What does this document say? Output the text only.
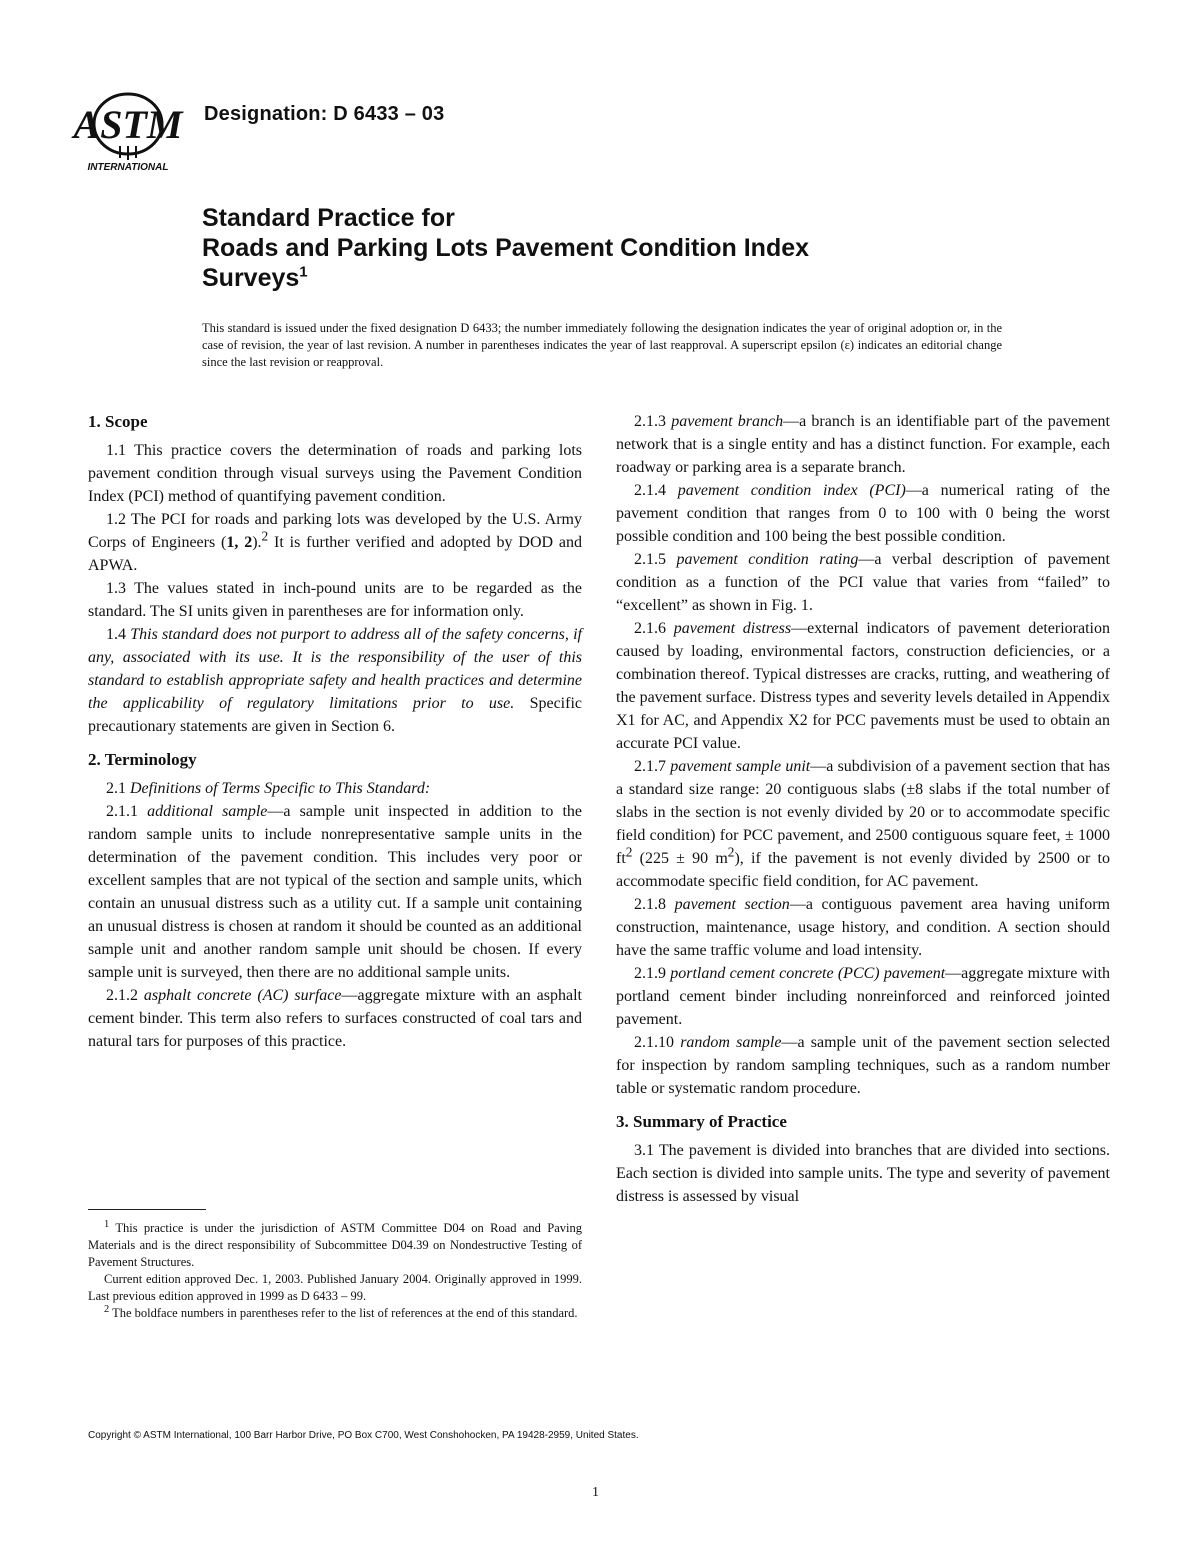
ASTM
INTERNATIONAL
Designation: D 6433 – 03
Standard Practice for
Roads and Parking Lots Pavement Condition Index
Surveys$^1$
This standard is issued under the fixed designation D 6433; the number immediately following the designation indicates the year of original adoption or, in the case of revision, the year of last revision. A number in parentheses indicates the year of last reapproval. A superscript epsilon (ε) indicates an editorial change since the last revision or reapproval.
1. Scope

1.1 This practice covers the determination of roads and parking lots pavement condition through visual surveys using the Pavement Condition Index (PCI) method of quantifying pavement condition.

1.2 The PCI for roads and parking lots was developed by the U.S. Army Corps of Engineers (1, 2).$^2$ It is further verified and adopted by DOD and APWA.

1.3 The values stated in inch-pound units are to be regarded as the standard. The SI units given in parentheses are for information only.

1.4 This standard does not purport to address all of the safety concerns, if any, associated with its use. It is the responsibility of the user of this standard to establish appropriate safety and health practices and determine the applicability of regulatory limitations prior to use. Specific precautionary statements are given in Section 6.

2. Terminology

2.1 Definitions of Terms Specific to This Standard:

2.1.1 additional sample—a sample unit inspected in addition to the random sample units to include nonrepresentative sample units in the determination of the pavement condition. This includes very poor or excellent samples that are not typical of the section and sample units, which contain an unusual distress such as a utility cut. If a sample unit containing an unusual distress is chosen at random it should be counted as an additional sample unit and another random sample unit should be chosen. If every sample unit is surveyed, then there are no additional sample units.

2.1.2 asphalt concrete (AC) surface—aggregate mixture with an asphalt cement binder. This term also refers to surfaces constructed of coal tars and natural tars for purposes of this practice.

$^1$ This practice is under the jurisdiction of ASTM Committee D04 on Road and Paving Materials and is the direct responsibility of Subcommittee D04.39 on Nondestructive Testing of Pavement Structures.

Current edition approved Dec. 1, 2003. Published January 2004. Originally approved in 1999. Last previous edition approved in 1999 as D 6433 – 99.

$^2$ The boldface numbers in parentheses refer to the list of references at the end of this standard.

2.1.3 pavement branch—a branch is an identifiable part of the pavement network that is a single entity and has a distinct function. For example, each roadway or parking area is a separate branch.

2.1.4 pavement condition index (PCI)—a numerical rating of the pavement condition that ranges from 0 to 100 with 0 being the worst possible condition and 100 being the best possible condition.

2.1.5 pavement condition rating—a verbal description of pavement condition as a function of the PCI value that varies from “failed” to “excellent” as shown in Fig. 1.

2.1.6 pavement distress—external indicators of pavement deterioration caused by loading, environmental factors, construction deficiencies, or a combination thereof. Typical distresses are cracks, rutting, and weathering of the pavement surface. Distress types and severity levels detailed in Appendix X1 for AC, and Appendix X2 for PCC pavements must be used to obtain an accurate PCI value.

2.1.7 pavement sample unit—a subdivision of a pavement section that has a standard size range: 20 contiguous slabs (±8 slabs if the total number of slabs in the section is not evenly divided by 20 or to accommodate specific field condition) for PCC pavement, and 2500 contiguous square feet, ± 1000 $ft^2$ (225 ± 90 $m^2$), if the pavement is not evenly divided by 2500 or to accommodate specific field condition, for AC pavement.

2.1.8 pavement section—a contiguous pavement area having uniform construction, maintenance, usage history, and condition. A section should have the same traffic volume and load intensity.

2.1.9 portland cement concrete (PCC) pavement—aggregate mixture with portland cement binder including nonreinforced and reinforced jointed pavement.

2.1.10 random sample—a sample unit of the pavement section selected for inspection by random sampling techniques, such as a random number table or systematic random procedure.

3. Summary of Practice

3.1 The pavement is divided into branches that are divided into sections. Each section is divided into sample units. The type and severity of pavement distress is assessed by visual

Copyright © ASTM International, 100 Barr Harbor Drive, PO Box C700, West Conshohocken, PA 19428-2959, United States.
1
